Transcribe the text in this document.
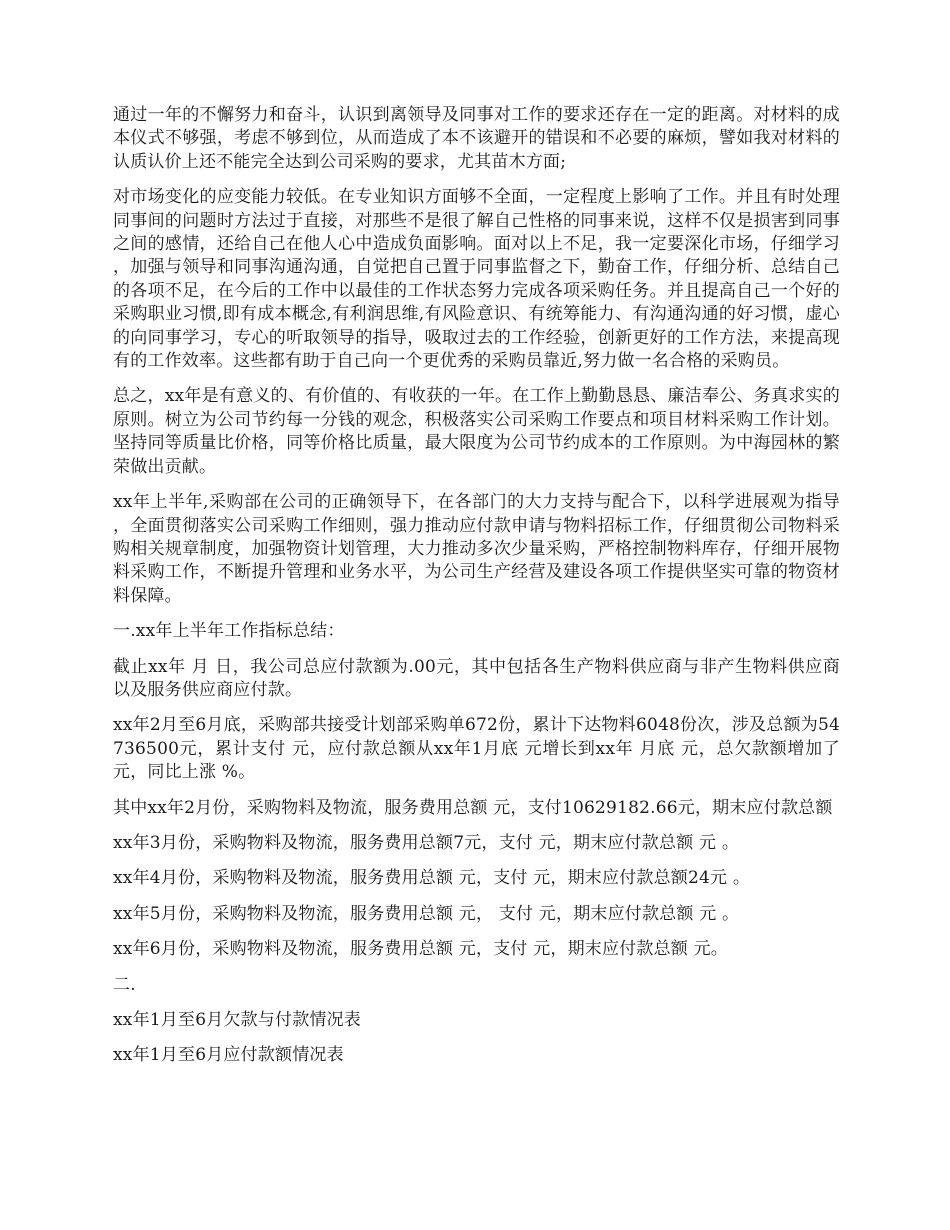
通过一年的不懈努力和奋斗，认识到离领导及同事对工作的要求还存在一定的距离。对材料的成本仪式不够强，考虑不够到位，从而造成了本不该避开的错误和不必要的麻烦，譬如我对材料的认质认价上还不能完全达到公司采购的要求，尤其苗木方面;

对市场变化的应变能力较低。在专业知识方面够不全面，一定程度上影响了工作。并且有时处理同事间的问题时方法过于直接，对那些不是很了解自己性格的同事来说，这样不仅是损害到同事之间的感情，还给自己在他人心中造成负面影响。面对以上不足，我一定要深化市场，仔细学习，加强与领导和同事沟通沟通，自觉把自己置于同事监督之下，勤奋工作，仔细分析、总结自己的各项不足，在今后的工作中以最佳的工作状态努力完成各项采购任务。并且提高自己一个好的采购职业习惯,即有成本概念,有利润思维,有风险意识、有统筹能力、有沟通沟通的好习惯，虚心的向同事学习，专心的听取领导的指导，吸取过去的工作经验，创新更好的工作方法，来提高现有的工作效率。这些都有助于自己向一个更优秀的采购员靠近,努力做一名合格的采购员。

总之，xx年是有意义的、有价值的、有收获的一年。在工作上勤勤恳恳、廉洁奉公、务真求实的原则。树立为公司节约每一分钱的观念，积极落实公司采购工作要点和项目材料采购工作计划。坚持同等质量比价格，同等价格比质量，最大限度为公司节约成本的工作原则。为中海园林的繁荣做出贡献。

xx年上半年,采购部在公司的正确领导下，在各部门的大力支持与配合下，以科学进展观为指导，全面贯彻落实公司采购工作细则，强力推动应付款申请与物料招标工作，仔细贯彻公司物料采购相关规章制度，加强物资计划管理，大力推动多次少量采购，严格控制物料库存，仔细开展物料采购工作，不断提升管理和业务水平，为公司生产经营及建设各项工作提供坚实可靠的物资材料保障。

一.xx年上半年工作指标总结：

截止xx年 月 日，我公司总应付款额为.00元，其中包括各生产物料供应商与非产生物料供应商以及服务供应商应付款。

xx年2月至6月底，采购部共接受计划部采购单672份，累计下达物料6048份次，涉及总额为54736500元，累计支付 元，应付款总额从xx年1月底 元增长到xx年 月底 元，总欠款额增加了 元，同比上涨 %。

其中xx年2月份，采购物料及物流，服务费用总额 元，支付10629182.66元，期末应付款总额

xx年3月份，采购物料及物流，服务费用总额7元，支付 元，期末应付款总额 元 。

xx年4月份，采购物料及物流，服务费用总额 元，支付 元，期末应付款总额24元 。

xx年5月份，采购物料及物流，服务费用总额 元， 支付 元，期末应付款总额 元 。

xx年6月份，采购物料及物流，服务费用总额 元，支付 元，期末应付款总额 元。

二.

xx年1月至6月欠款与付款情况表

xx年1月至6月应付款额情况表
